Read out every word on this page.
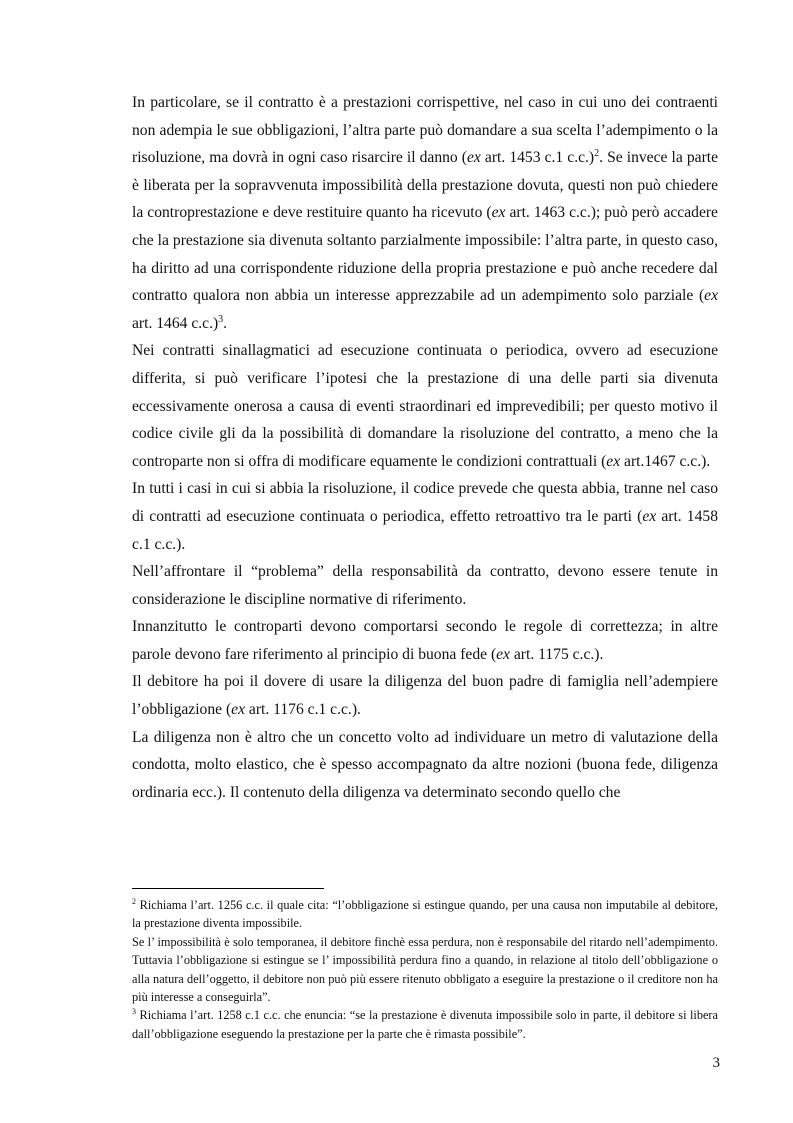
In particolare, se il contratto è a prestazioni corrispettive, nel caso in cui uno dei contraenti non adempia le sue obbligazioni, l’altra parte può domandare a sua scelta l’adempimento o la risoluzione, ma dovrà in ogni caso risarcire il danno (ex art. 1453 c.1 c.c.)$^2$. Se invece la parte è liberata per la sopravvenuta impossibilità della prestazione dovuta, questi non può chiedere la controprestazione e deve restituire quanto ha ricevuto (ex art. 1463 c.c.); può però accadere che la prestazione sia divenuta soltanto parzialmente impossibile: l’altra parte, in questo caso, ha diritto ad una corrispondente riduzione della propria prestazione e può anche recedere dal contratto qualora non abbia un interesse apprezzabile ad un adempimento solo parziale (ex art. 1464 c.c.)$^3$.

Nei contratti sinallagmatici ad esecuzione continuata o periodica, ovvero ad esecuzione differita, si può verificare l’ipotesi che la prestazione di una delle parti sia divenuta eccessivamente onerosa a causa di eventi straordinari ed imprevedibili; per questo motivo il codice civile gli da la possibilità di domandare la risoluzione del contratto, a meno che la controparte non si offra di modificare equamente le condizioni contrattuali (ex art.1467 c.c.).

In tutti i casi in cui si abbia la risoluzione, il codice prevede che questa abbia, tranne nel caso di contratti ad esecuzione continuata o periodica, effetto retroattivo tra le parti (ex art. 1458 c.1 c.c.).

Nell’affrontare il “problema” della responsabilità da contratto, devono essere tenute in considerazione le discipline normative di riferimento.

Innanzitutto le controparti devono comportarsi secondo le regole di correttezza; in altre parole devono fare riferimento al principio di buona fede (ex art. 1175 c.c.).

Il debitore ha poi il dovere di usare la diligenza del buon padre di famiglia nell’adempiere l’obbligazione (ex art. 1176 c.1 c.c.).

La diligenza non è altro che un concetto volto ad individuare un metro di valutazione della condotta, molto elastico, che è spesso accompagnato da altre nozioni (buona fede, diligenza ordinaria ecc.). Il contenuto della diligenza va determinato secondo quello che

$^2$ Richiama l’art. 1256 c.c. il quale cita: “l’obbligazione si estingue quando, per una causa non imputabile al debitore, la prestazione diventa impossibile.

Se l’ impossibilità è solo temporanea, il debitore finchè essa perdura, non è responsabile del ritardo nell’adempimento. Tuttavia l’obbligazione si estingue se l’ impossibilità perdura fino a quando, in relazione al titolo dell’obbligazione o alla natura dell’oggetto, il debitore non può più essere ritenuto obbligato a eseguire la prestazione o il creditore non ha più interesse a conseguirla”.

$^3$ Richiama l’art. 1258 c.1 c.c. che enuncia: “se la prestazione è divenuta impossibile solo in parte, il debitore si libera dall’obbligazione eseguendo la prestazione per la parte che è rimasta possibile”.

3
